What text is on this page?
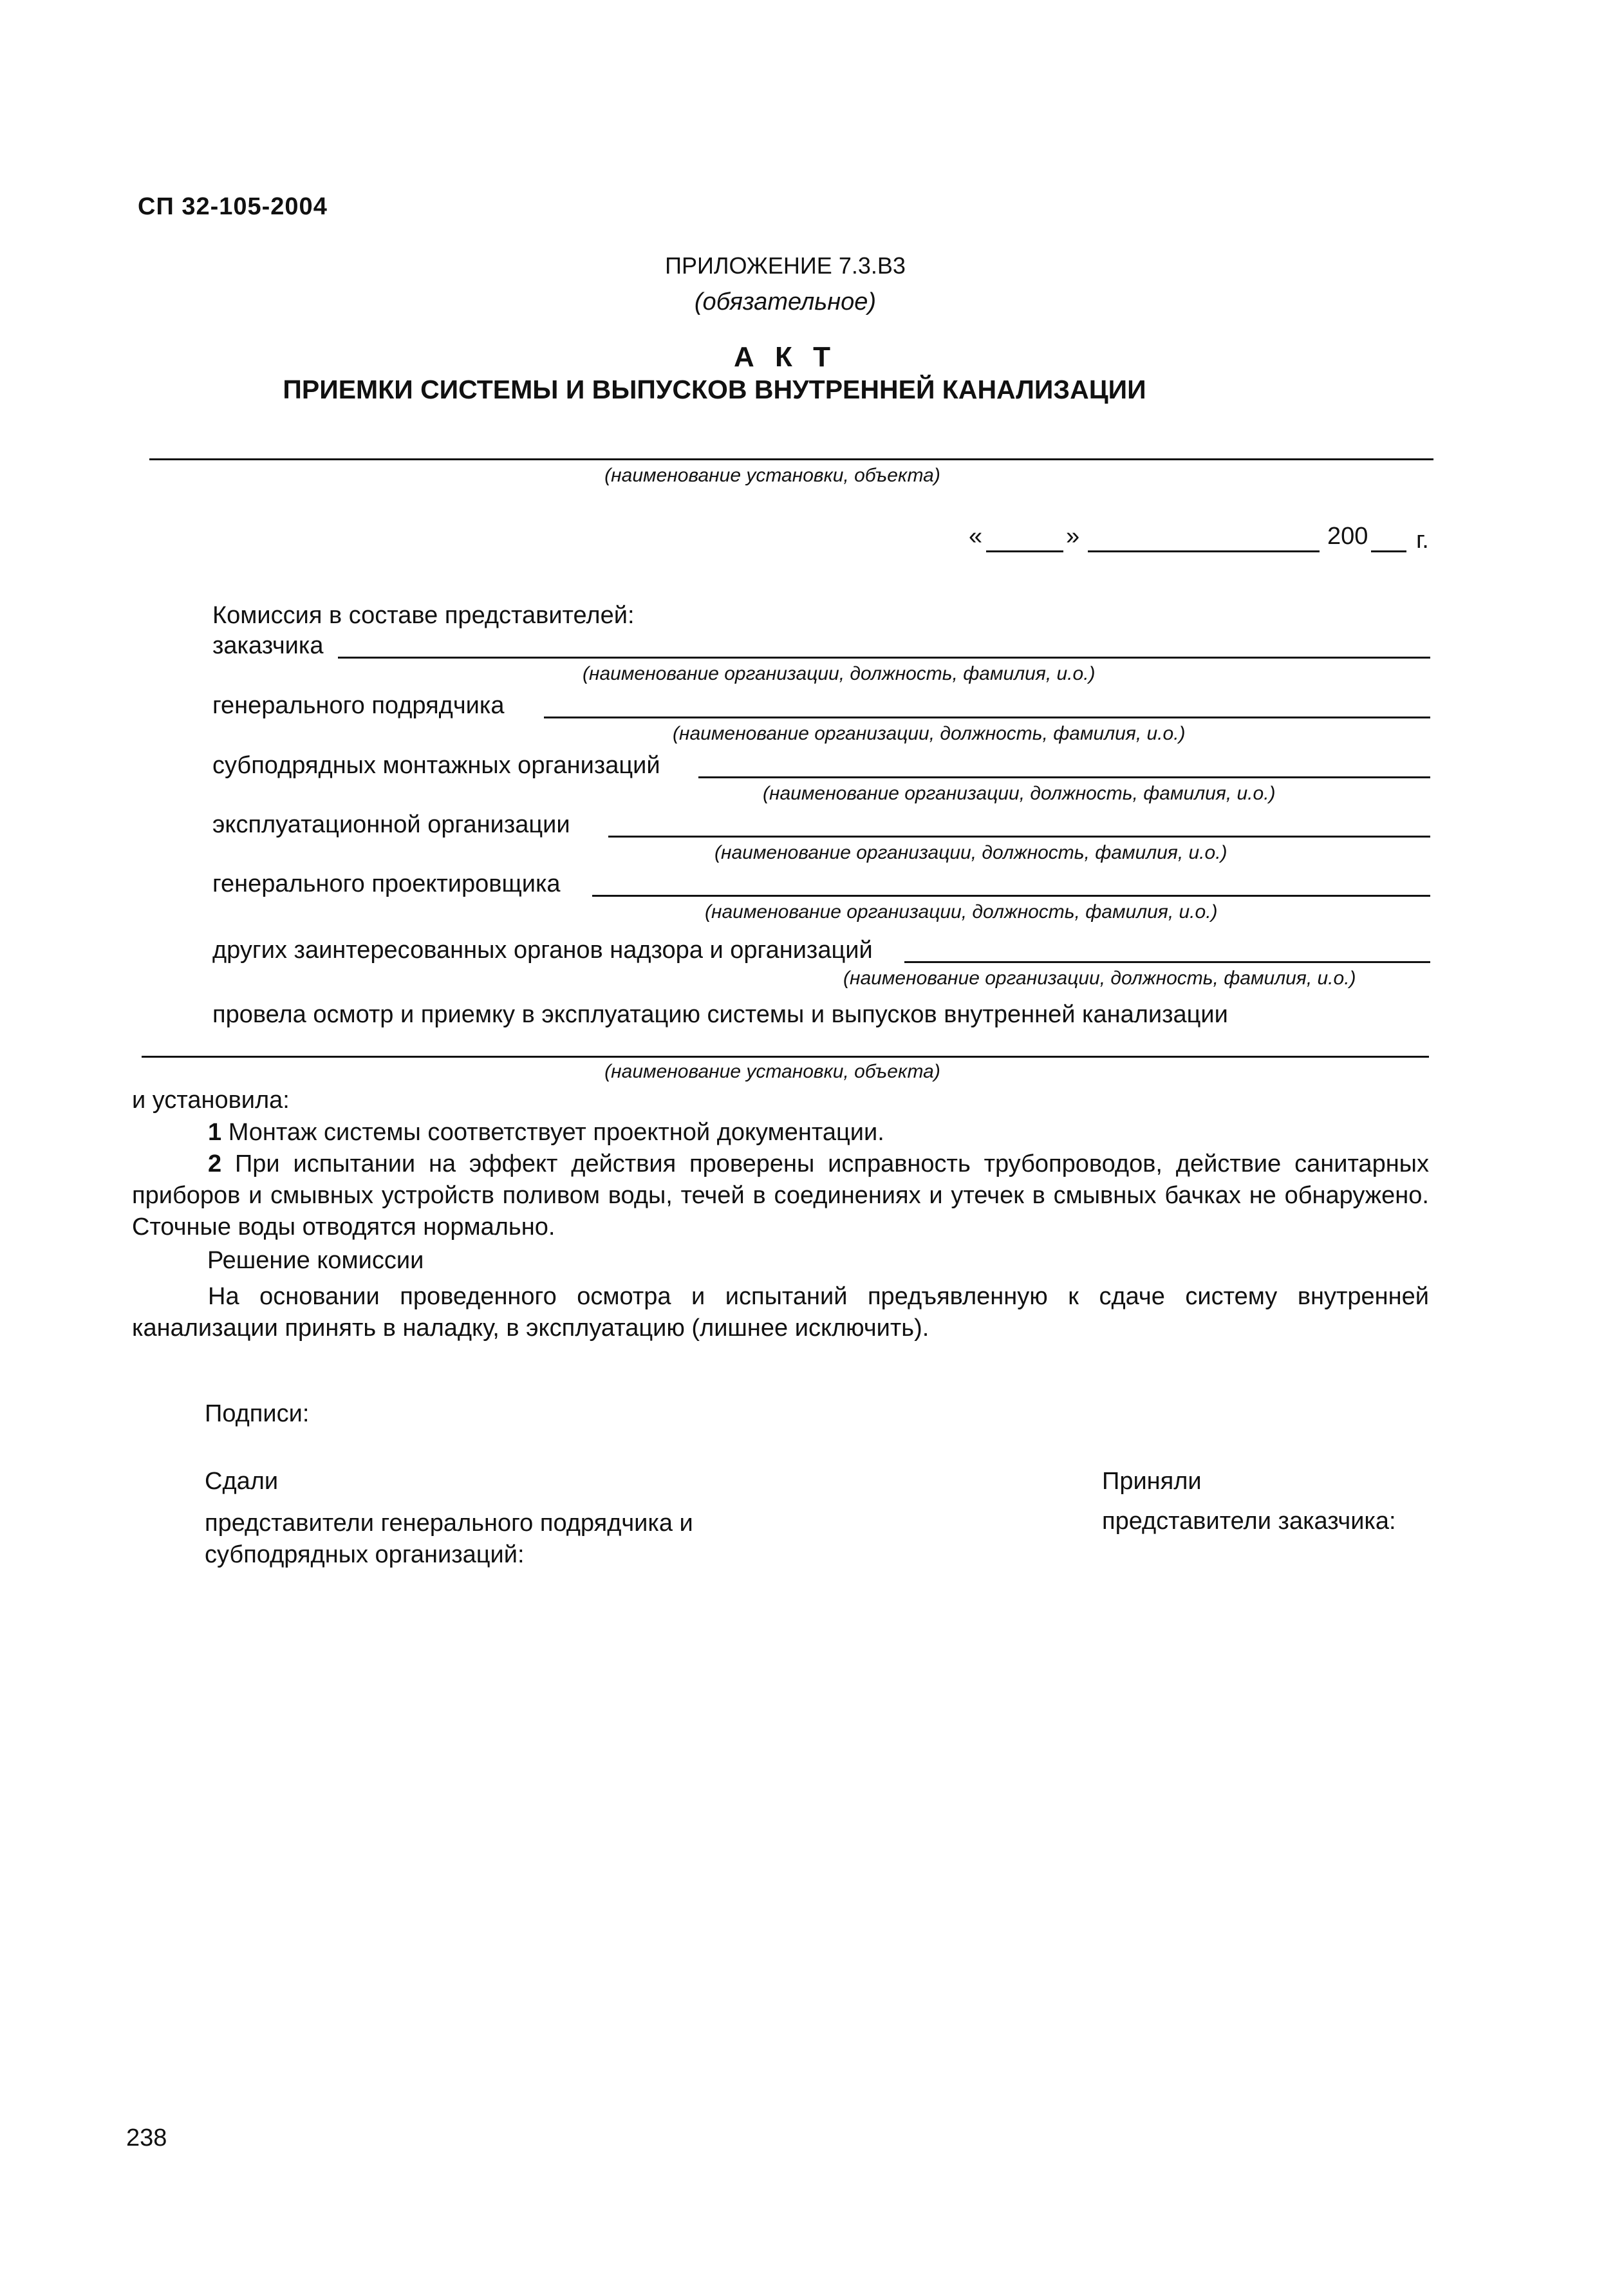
СП 32-105-2004
ПРИЛОЖЕНИЕ 7.3.В3
(обязательное)
А К Т
ПРИЕМКИ СИСТЕМЫ И ВЫПУСКОВ ВНУТРЕННЕЙ КАНАЛИЗАЦИИ
(наименование установки, объекта)
«	»	200 г.
Комиссия в составе представителей:
заказчика
(наименование организации, должность, фамилия, и.о.)
генерального подрядчика
(наименование организации, должность, фамилия, и.о.)
субподрядных монтажных организаций
(наименование организации, должность, фамилия, и.о.)
эксплуатационной организации
(наименование организации, должность, фамилия, и.о.)
генерального проектировщика
(наименование организации, должность, фамилия, и.о.)
других заинтересованных органов надзора и организаций
(наименование организации, должность, фамилия, и.о.)
провела осмотр и приемку в эксплуатацию системы и выпусков внутренней канализации
(наименование установки, объекта)
и установила:
1 Монтаж системы соответствует проектной документации.
2 При испытании на эффект действия проверены исправность трубопроводов, действие санитарных приборов и смывных устройств поливом воды, течей в соединениях и утечек в смывных бачках не обнаружено. Сточные воды отводятся нормально.
Решение комиссии
На основании проведенного осмотра и испытаний предъявленную к сдаче систему внутренней канализации принять в наладку, в эксплуатацию (лишнее исключить).
Подписи:
Сдали
представители генерального подрядчика и субподрядных организаций:
Приняли
представители заказчика:
238
